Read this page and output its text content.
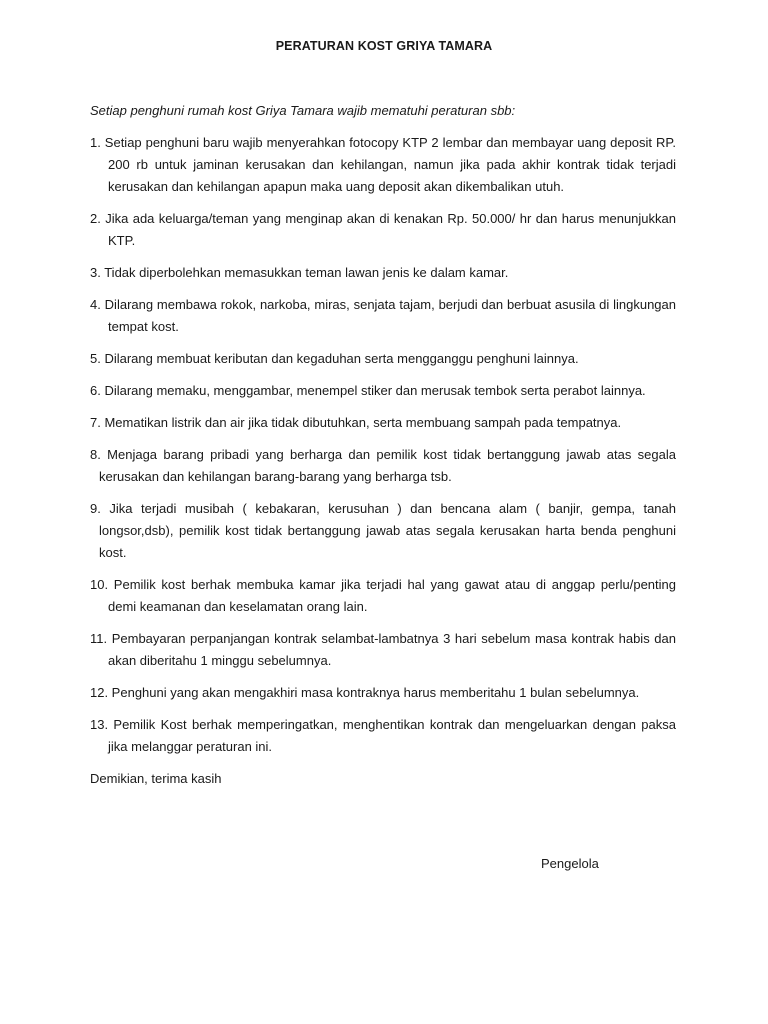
PERATURAN KOST GRIYA TAMARA

Setiap penghuni rumah kost Griya Tamara wajib mematuhi peraturan sbb:

1. Setiap penghuni baru wajib menyerahkan fotocopy KTP 2 lembar dan membayar uang deposit RP. 200 rb untuk jaminan kerusakan dan kehilangan, namun jika pada akhir kontrak tidak terjadi kerusakan dan kehilangan apapun maka uang deposit akan dikembalikan utuh.

2. Jika ada keluarga/teman yang menginap akan di kenakan Rp. 50.000/ hr dan harus menunjukkan KTP.

3. Tidak diperbolehkan memasukkan teman lawan jenis ke dalam kamar.

4. Dilarang membawa rokok, narkoba, miras, senjata tajam, berjudi dan berbuat asusila di lingkungan tempat kost.

5. Dilarang membuat keributan dan kegaduhan serta mengganggu penghuni lainnya.

6. Dilarang memaku, menggambar, menempel stiker dan merusak tembok serta perabot lainnya.

7. Mematikan listrik dan air jika tidak dibutuhkan, serta membuang sampah pada tempatnya.

8. Menjaga barang pribadi yang berharga dan pemilik kost tidak bertanggung jawab atas segala kerusakan dan kehilangan barang-barang yang berharga tsb.

9. Jika terjadi musibah ( kebakaran, kerusuhan ) dan bencana alam ( banjir, gempa, tanah longsor,dsb), pemilik kost tidak bertanggung jawab atas segala kerusakan harta benda penghuni kost.

10. Pemilik kost berhak membuka kamar jika terjadi hal yang gawat atau di anggap perlu/penting demi keamanan dan keselamatan orang lain.

11. Pembayaran perpanjangan kontrak selambat-lambatnya 3 hari sebelum masa kontrak habis dan akan diberitahu 1 minggu sebelumnya.

12. Penghuni yang akan mengakhiri masa kontraknya harus memberitahu 1 bulan sebelumnya.

13. Pemilik Kost berhak memperingatkan, menghentikan kontrak dan mengeluarkan dengan paksa jika melanggar peraturan ini.

Demikian, terima kasih

Pengelola
